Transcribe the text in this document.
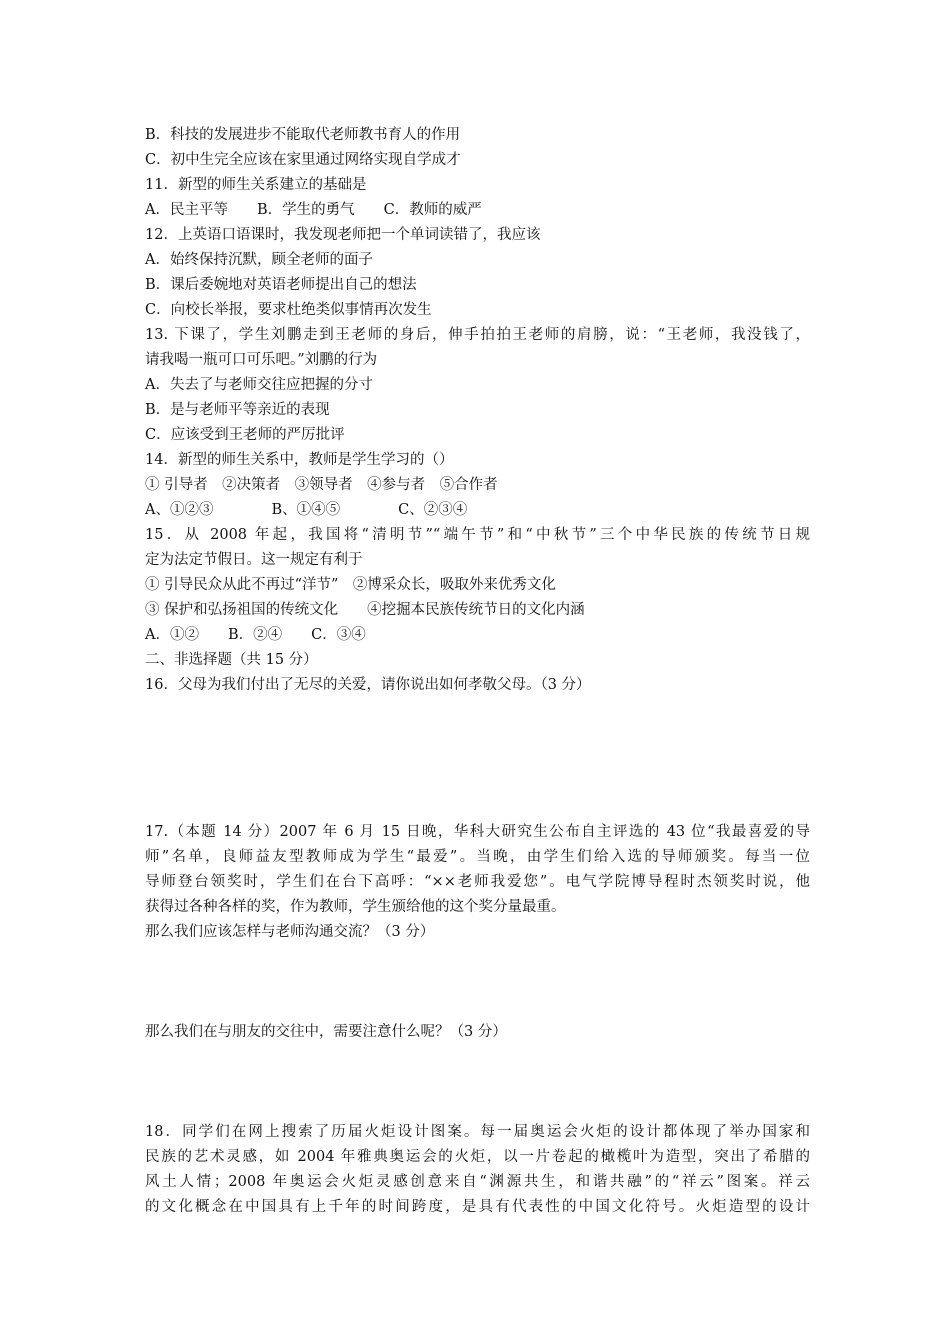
B．科技的发展进步不能取代老师教书育人的作用
C．初中生完全应该在家里通过网络实现自学成才
11．新型的师生关系建立的基础是
A．民主平等　　B．学生的勇气　　C．教师的威严
12．上英语口语课时，我发现老师把一个单词读错了，我应该
A．始终保持沉默，顾全老师的面子
B．课后委婉地对英语老师提出自己的想法
C．向校长举报，要求杜绝类似事情再次发生
13. 下课了，学生刘鹏走到王老师的身后，伸手拍拍王老师的肩膀，说：“王老师，我没钱了，
请我喝一瓶可口可乐吧。”刘鹏的行为
A．失去了与老师交往应把握的分寸
B．是与老师平等亲近的表现
C．应该受到王老师的严厉批评
14．新型的师生关系中，教师是学生学习的（）
① 引导者　②决策者　③领导者　④参与者　⑤合作者
A、①②③　　　　B、①④⑤　　　　C、②③④
15．从 2008 年起，我国将“清明节”“端午节”和“中秋节”三个中华民族的传统节日规
定为法定节假日。这一规定有利于
① 引导民众从此不再过“洋节”　②博采众长，吸取外来优秀文化
③ 保护和弘扬祖国的传统文化　　④挖掘本民族传统节日的文化内涵
A．①②　　B．②④　　C．③④
二、非选择题（共 15 分）
16．父母为我们付出了无尽的关爱，请你说出如何孝敬父母。（3 分）
17.（本题 14 分）2007 年 6 月 15 日晚，华科大研究生公布自主评选的 43 位“我最喜爱的导
师”名单，良师益友型教师成为学生“最爱”。当晚，由学生们给入选的导师颁奖。每当一位
导师登台领奖时，学生们在台下高呼：“××老师我爱您”。电气学院博导程时杰领奖时说，他
获得过各种各样的奖，作为教师，学生颁给他的这个奖分量最重。
那么我们应该怎样与老师沟通交流？（3 分）
那么我们在与朋友的交往中，需要注意什么呢？（3 分）
18．同学们在网上搜索了历届火炬设计图案。每一届奥运会火炬的设计都体现了举办国家和
民族的艺术灵感，如 2004 年雅典奥运会的火炬，以一片卷起的橄榄叶为造型，突出了希腊的
风土人情；2008 年奥运会火炬灵感创意来自“渊源共生，和谐共融”的“祥云”图案。祥云
的文化概念在中国具有上千年的时间跨度，是具有代表性的中国文化符号。火炬造型的设计
